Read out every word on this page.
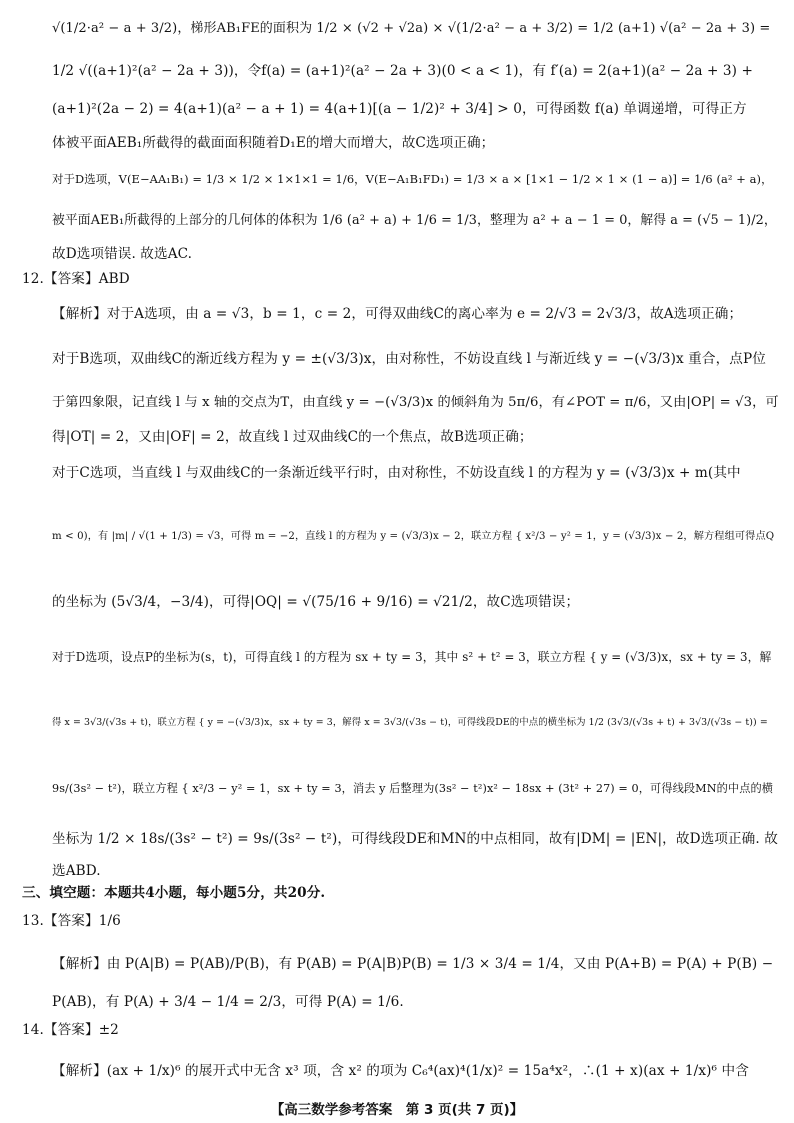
√(1/2·a² − a + 3/2)，梯形AB₁FE的面积为 1/2 × (√2 + √2a) × √(1/2·a² − a + 3/2) = 1/2 (a+1) √(a² − 2a + 3) =
1/2 √((a+1)²(a² − 2a + 3))，令f(a) = (a+1)²(a² − 2a + 3)(0 < a < 1)，有 f′(a) = 2(a+1)(a² − 2a + 3) +
(a+1)²(2a − 2) = 4(a+1)(a² − a + 1) = 4(a+1)[(a − 1/2)² + 3/4] > 0，可得函数 f(a) 单调递增，可得正方
体被平面AEB₁所截得的截面面积随着D₁E的增大而增大，故C选项正确；
对于D选项，V(E−AA₁B₁) = 1/3 × 1/2 × 1×1×1 = 1/6，V(E−A₁B₁FD₁) = 1/3 × a × [1×1 − 1/2 × 1 × (1 − a)] = 1/6 (a² + a)，
被平面AEB₁所截得的上部分的几何体的体积为 1/6 (a² + a) + 1/6 = 1/3，整理为 a² + a − 1 = 0，解得 a = (√5 − 1)/2，
故D选项错误. 故选AC.
12.【答案】ABD
【解析】对于A选项，由 a = √3，b = 1，c = 2，可得双曲线C的离心率为 e = 2/√3 = 2√3/3，故A选项正确；
对于B选项，双曲线C的渐近线方程为 y = ±(√3/3)x，由对称性，不妨设直线 l 与渐近线 y = −(√3/3)x 重合，点P位
于第四象限，记直线 l 与 x 轴的交点为T，由直线 y = −(√3/3)x 的倾斜角为 5π/6，有∠POT = π/6，又由|OP| = √3，可
得|OT| = 2，又由|OF| = 2，故直线 l 过双曲线C的一个焦点，故B选项正确；
对于C选项，当直线 l 与双曲线C的一条渐近线平行时，由对称性，不妨设直线 l 的方程为 y = (√3/3)x + m(其中
m < 0)，有 |m| / √(1 + 1/3) = √3，可得 m = −2，直线 l 的方程为 y = (√3/3)x − 2，联立方程 { x²/3 − y² = 1，y = (√3/3)x − 2，解方程组可得点Q
的坐标为 (5√3/4，−3/4)，可得|OQ| = √(75/16 + 9/16) = √21/2，故C选项错误；
对于D选项，设点P的坐标为(s，t)，可得直线 l 的方程为 sx + ty = 3，其中 s² + t² = 3，联立方程 { y = (√3/3)x，sx + ty = 3，解
得 x = 3√3/(√3s + t)，联立方程 { y = −(√3/3)x，sx + ty = 3，解得 x = 3√3/(√3s − t)，可得线段DE的中点的横坐标为 1/2 (3√3/(√3s + t) + 3√3/(√3s − t)) =
9s/(3s² − t²)，联立方程 { x²/3 − y² = 1，sx + ty = 3，消去 y 后整理为(3s² − t²)x² − 18sx + (3t² + 27) = 0，可得线段MN的中点的横
坐标为 1/2 × 18s/(3s² − t²) = 9s/(3s² − t²)，可得线段DE和MN的中点相同，故有|DM| = |EN|，故D选项正确. 故
选ABD.
三、填空题：本题共4小题，每小题5分，共20分.
13.【答案】1/6
【解析】由 P(A|B) = P(AB)/P(B)，有 P(AB) = P(A|B)P(B) = 1/3 × 3/4 = 1/4，又由 P(A+B) = P(A) + P(B) −
P(AB)，有 P(A) + 3/4 − 1/4 = 2/3，可得 P(A) = 1/6.
14.【答案】±2
【解析】(ax + 1/x)⁶ 的展开式中无含 x³ 项，含 x² 的项为 C₆⁴(ax)⁴(1/x)² = 15a⁴x²，∴(1 + x)(ax + 1/x)⁶ 中含
【高三数学参考答案　第 3 页(共 7 页)】
